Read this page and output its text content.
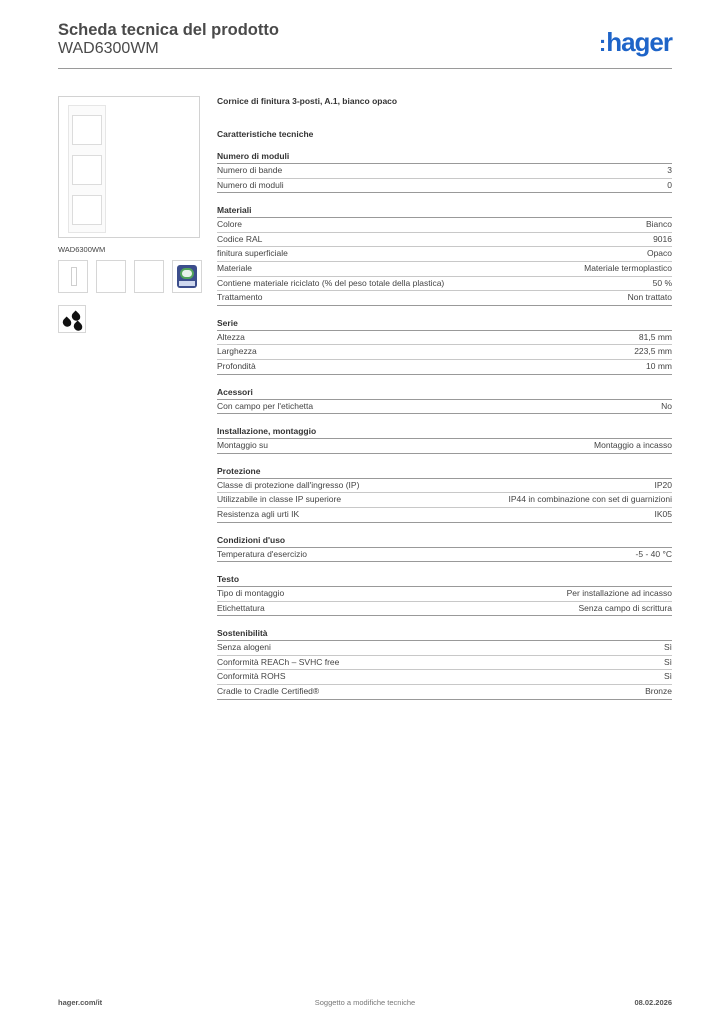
Scheda tecnica del prodotto
WAD6300WM	:hager
WAD6300WM
Cornice di finitura 3-posti, A.1, bianco opaco
Caratteristiche tecniche
Numero di moduli
Numero di bande	3
Numero di moduli	0
Materiali
Colore	Bianco
Codice RAL	9016
finitura superficiale	Opaco
Materiale	Materiale termoplastico
Contiene materiale riciclato (% del peso totale della plastica)	50 %
Trattamento	Non trattato
Serie
Altezza	81,5 mm
Larghezza	223,5 mm
Profondità	10 mm
Acessori
Con campo per l'etichetta	No
Installazione, montaggio
Montaggio su	Montaggio a incasso
Protezione
Classe di protezione dall'ingresso (IP)	IP20
Utilizzabile in classe IP superiore	IP44 in combinazione con set di guarnizioni
Resistenza agli urti IK	IK05
Condizioni d'uso
Temperatura d'esercizio	-5 - 40 °C
Testo
Tipo di montaggio	Per installazione ad incasso
Etichettatura	Senza campo di scrittura
Sostenibilità
Senza alogeni	Sì
Conformità REACh – SVHC free	Sì
Conformità ROHS	Sì
Cradle to Cradle Certified®	Bronze
Soggetto a modifiche tecniche
hager.com/it	08.02.2026
